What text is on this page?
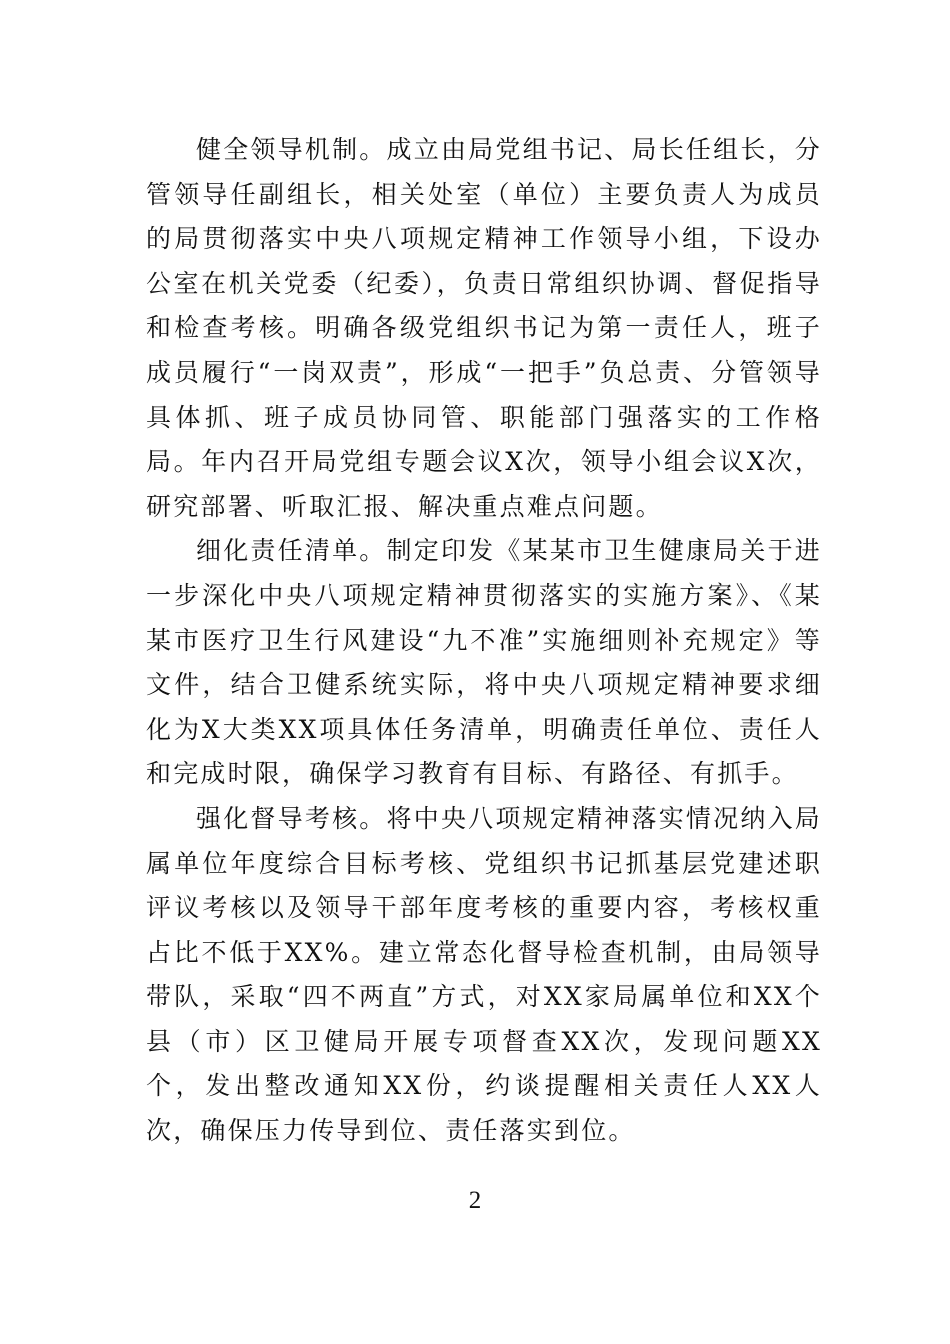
健全领导机制。成立由局党组书记、局长任组长，分管领导任副组长，相关处室（单位）主要负责人为成员的局贯彻落实中央八项规定精神工作领导小组，下设办公室在机关党委（纪委），负责日常组织协调、督促指导和检查考核。明确各级党组织书记为第一责任人，班子成员履行“一岗双责”，形成“一把手”负总责、分管领导具体抓、班子成员协同管、职能部门强落实的工作格局。年内召开局党组专题会议X次，领导小组会议X次，研究部署、听取汇报、解决重点难点问题。

细化责任清单。制定印发《某某市卫生健康局关于进一步深化中央八项规定精神贯彻落实的实施方案》、《某某市医疗卫生行风建设“九不准”实施细则补充规定》等文件，结合卫健系统实际，将中央八项规定精神要求细化为X大类XX项具体任务清单，明确责任单位、责任人和完成时限，确保学习教育有目标、有路径、有抓手。

强化督导考核。将中央八项规定精神落实情况纳入局属单位年度综合目标考核、党组织书记抓基层党建述职评议考核以及领导干部年度考核的重要内容，考核权重占比不低于XX%。建立常态化督导检查机制，由局领导带队，采取“四不两直”方式，对XX家局属单位和XX个县（市）区卫健局开展专项督查XX次，发现问题XX个，发出整改通知XX份，约谈提醒相关责任人XX人次，确保压力传导到位、责任落实到位。

2
